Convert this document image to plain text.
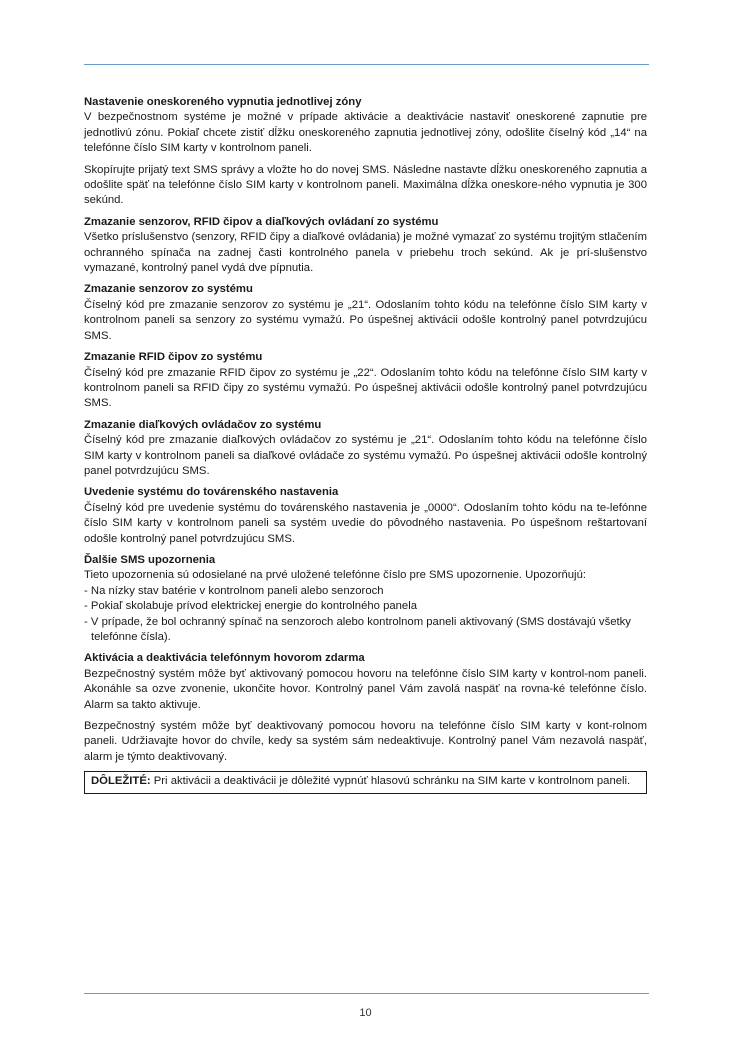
Nastavenie oneskoreného vypnutia jednotlivej zóny

V bezpečnostnom systéme je možné v prípade aktivácie a deaktivácie nastaviť oneskorené zapnutie pre jednotlivú zónu. Pokiaľ chcete zistiť dĺžku oneskoreného zapnutia jednotlivej zóny, odošlite číselný kód „14“ na telefónne číslo SIM karty v kontrolnom paneli.

Skopírujte prijatý text SMS správy a vložte ho do novej SMS. Následne nastavte dĺžku oneskoreného zapnutia a odošlite späť na telefónne číslo SIM karty v kontrolnom paneli. Maximálna dĺžka oneskore-ného vypnutia je 300 sekúnd.

Zmazanie senzorov, RFID čipov a diaľkových ovládaní zo systému

Všetko príslušenstvo (senzory, RFID čipy a diaľkové ovládania) je možné vymazať zo systému trojitým stlačením ochranného spínača na zadnej časti kontrolného panela v priebehu troch sekúnd. Ak je prí-slušenstvo vymazané, kontrolný panel vydá dve pípnutia.

Zmazanie senzorov zo systému

Číselný kód pre zmazanie senzorov zo systému je „21“. Odoslaním tohto kódu na telefónne číslo SIM karty v kontrolnom paneli sa senzory zo systému vymažú. Po úspešnej aktivácii odošle kontrolný panel potvrdzujúcu SMS.

Zmazanie RFID čipov zo systému

Číselný kód pre zmazanie RFID čipov zo systému je „22“. Odoslaním tohto kódu na telefónne číslo SIM karty v kontrolnom paneli sa RFID čipy zo systému vymažú. Po úspešnej aktivácii odošle kontrolný panel potvrdzujúcu SMS.

Zmazanie diaľkových ovládačov zo systému

Číselný kód pre zmazanie diaľkových ovládačov zo systému je „21“. Odoslaním tohto kódu na telefónne číslo SIM karty v kontrolnom paneli sa diaľkové ovládače zo systému vymažú. Po úspešnej aktivácii odošle kontrolný panel potvrdzujúcu SMS.

Uvedenie systému do továrenského nastavenia

Číselný kód pre uvedenie systému do továrenského nastavenia je „0000“. Odoslaním tohto kódu na te-lefónne číslo SIM karty v kontrolnom paneli sa systém uvedie do pôvodného nastavenia. Po úspešnom reštartovaní odošle kontrolný panel potvrdzujúcu SMS.

Ďalšie SMS upozornenia

Tieto upozornenia sú odosielané na prvé uložené telefónne číslo pre SMS upozornenie. Upozorňujú:

- Na nízky stav batérie v kontrolnom paneli alebo senzoroch
- Pokiaľ skolabuje prívod elektrickej energie do kontrolného panela
- V prípade, že bol ochranný spínač na senzoroch alebo kontrolnom paneli aktivovaný (SMS dostávajú všetky telefónne čísla).
Aktivácia a deaktivácia telefónnym hovorom zdarma

Bezpečnostný systém môže byť aktivovaný pomocou hovoru na telefónne číslo SIM karty v kontrol-nom paneli. Akonáhle sa ozve zvonenie, ukončite hovor. Kontrolný panel Vám zavolá naspäť na rovna-ké telefónne číslo. Alarm sa takto aktivuje.

Bezpečnostný systém môže byť deaktivovaný pomocou hovoru na telefónne číslo SIM karty v kont-rolnom paneli. Udržiavajte hovor do chvíle, kedy sa systém sám nedeaktivuje. Kontrolný panel Vám nezavolá naspäť, alarm je týmto deaktivovaný.

DÔLEŽITÉ: Pri aktivácii a deaktivácii je dôležité vypnúť hlasovú schránku na SIM karte v kontrolnom paneli.
10
